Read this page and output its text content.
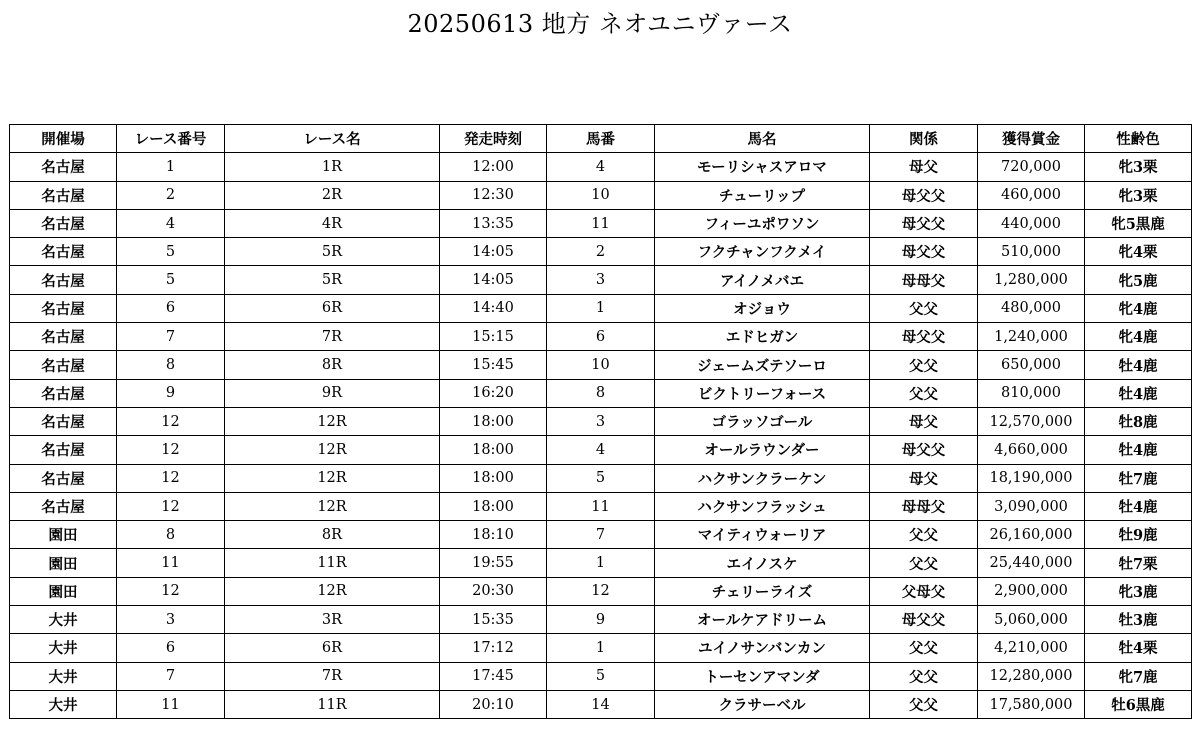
20250613 地方 ネオユニヴァース
開催場	レース番号	レース名	発走時刻	馬番	馬名	関係	獲得賞金	性齢色
名古屋	1	1R	12:00	4	モーリシャスアロマ	母父	720,000	牝3栗
名古屋	2	2R	12:30	10	チューリップ	母父父	460,000	牝3栗
名古屋	4	4R	13:35	11	フィーユポワソン	母父父	440,000	牝5黒鹿
名古屋	5	5R	14:05	2	フクチャンフクメイ	母父父	510,000	牝4栗
名古屋	5	5R	14:05	3	アイノメバエ	母母父	1,280,000	牝5鹿
名古屋	6	6R	14:40	1	オジョウ	父父	480,000	牝4鹿
名古屋	7	7R	15:15	6	エドヒガン	母父父	1,240,000	牝4鹿
名古屋	8	8R	15:45	10	ジェームズテソーロ	父父	650,000	牡4鹿
名古屋	9	9R	16:20	8	ビクトリーフォース	父父	810,000	牡4鹿
名古屋	12	12R	18:00	3	ゴラッソゴール	母父	12,570,000	牡8鹿
名古屋	12	12R	18:00	4	オールラウンダー	母父父	4,660,000	牡4鹿
名古屋	12	12R	18:00	5	ハクサンクラーケン	母父	18,190,000	牡7鹿
名古屋	12	12R	18:00	11	ハクサンフラッシュ	母母父	3,090,000	牡4鹿
園田	8	8R	18:10	7	マイティウォーリア	父父	26,160,000	牡9鹿
園田	11	11R	19:55	1	エイノスケ	父父	25,440,000	牡7栗
園田	12	12R	20:30	12	チェリーライズ	父母父	2,900,000	牝3鹿
大井	3	3R	15:35	9	オールケアドリーム	母父父	5,060,000	牡3鹿
大井	6	6R	17:12	1	ユイノサンバンカン	父父	4,210,000	牡4栗
大井	7	7R	17:45	5	トーセンアマンダ	父父	12,280,000	牝7鹿
大井	11	11R	20:10	14	クラサーベル	父父	17,580,000	牡6黒鹿
